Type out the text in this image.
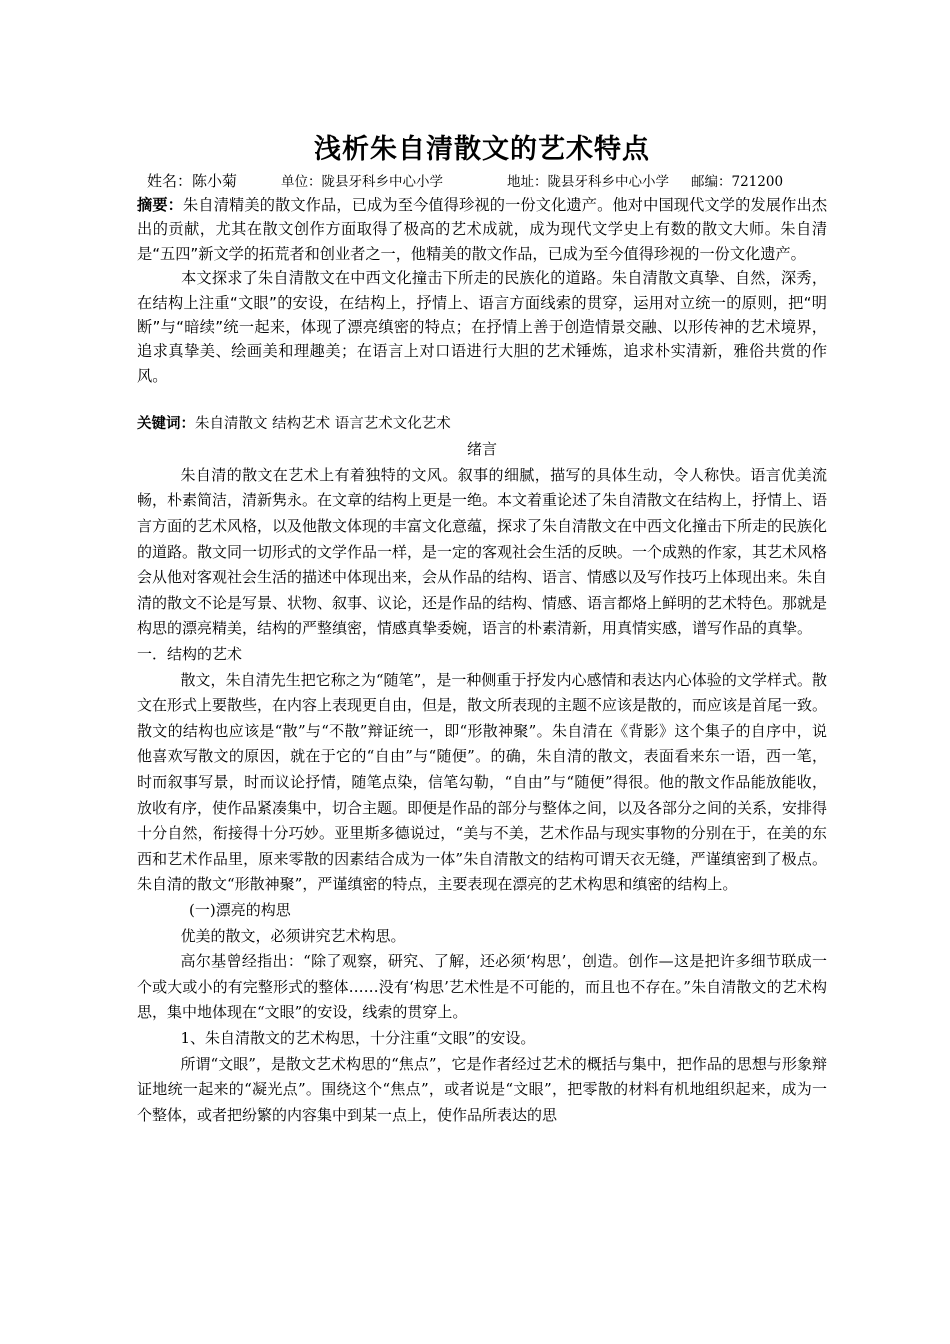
浅析朱自清散文的艺术特点

姓名：陈小菊	单位：陇县牙科乡中心小学	地址：陇县牙科乡中心小学 邮编：721200

摘要：朱自清精美的散文作品，已成为至今值得珍视的一份文化遗产。他对中国现代文学的发展作出杰出的贡献，尤其在散文创作方面取得了极高的艺术成就，成为现代文学史上有数的散文大师。朱自清是“五四”新文学的拓荒者和创业者之一，他精美的散文作品，已成为至今值得珍视的一份文化遗产。

本文探求了朱自清散文在中西文化撞击下所走的民族化的道路。朱自清散文真挚、自然，深秀，在结构上注重“文眼”的安设，在结构上，抒情上、语言方面线索的贯穿，运用对立统一的原则，把“明断”与“暗续”统一起来，体现了漂亮缜密的特点；在抒情上善于创造情景交融、以形传神的艺术境界，追求真挚美、绘画美和理趣美；在语言上对口语进行大胆的艺术锤炼，追求朴实清新，雅俗共赏的作风。

关键词：朱自清散文 结构艺术 语言艺术文化艺术

绪言

朱自清的散文在艺术上有着独特的文风。叙事的细腻，描写的具体生动，令人称快。语言优美流畅，朴素简洁，清新隽永。在文章的结构上更是一绝。本文着重论述了朱自清散文在结构上，抒情上、语言方面的艺术风格，以及他散文体现的丰富文化意蕴，探求了朱自清散文在中西文化撞击下所走的民族化的道路。散文同一切形式的文学作品一样，是一定的客观社会生活的反映。一个成熟的作家，其艺术风格会从他对客观社会生活的描述中体现出来，会从作品的结构、语言、情感以及写作技巧上体现出来。朱自清的散文不论是写景、状物、叙事、议论，还是作品的结构、情感、语言都烙上鲜明的艺术特色。那就是构思的漂亮精美，结构的严整缜密，情感真挚委婉，语言的朴素清新，用真情实感，谱写作品的真挚。

一．结构的艺术

散文，朱自清先生把它称之为“随笔”，是一种侧重于抒发内心感情和表达内心体验的文学样式。散文在形式上要散些，在内容上表现更自由，但是，散文所表现的主题不应该是散的，而应该是首尾一致。散文的结构也应该是“散”与“不散”辩证统一，即“形散神聚”。朱自清在《背影》这个集子的自序中，说他喜欢写散文的原因，就在于它的“自由”与“随便”。的确，朱自清的散文，表面看来东一语，西一笔，时而叙事写景，时而议论抒情，随笔点染，信笔勾勒，“自由”与“随便”得很。他的散文作品能放能收，放收有序，使作品紧凑集中，切合主题。即便是作品的部分与整体之间，以及各部分之间的关系，安排得十分自然，衔接得十分巧妙。亚里斯多德说过，“美与不美，艺术作品与现实事物的分别在于，在美的东西和艺术作品里，原来零散的因素结合成为一体”朱自清散文的结构可谓天衣无缝，严谨缜密到了极点。朱自清的散文“形散神聚”，严谨缜密的特点，主要表现在漂亮的艺术构思和缜密的结构上。

(一)漂亮的构思

优美的散文，必须讲究艺术构思。

高尔基曾经指出：“除了观察，研究、了解，还必须‘构思’，创造。创作—这是把许多细节联成一个或大或小的有完整形式的整体……没有‘构思’艺术性是不可能的，而且也不存在。”朱自清散文的艺术构思，集中地体现在“文眼”的安设，线索的贯穿上。

1、朱自清散文的艺术构思，十分注重“文眼”的安设。

所谓“文眼”，是散文艺术构思的“焦点”，它是作者经过艺术的概括与集中，把作品的思想与形象辩证地统一起来的“凝光点”。围绕这个“焦点”，或者说是“文眼”，把零散的材料有机地组织起来，成为一个整体，或者把纷繁的内容集中到某一点上，使作品所表达的思
